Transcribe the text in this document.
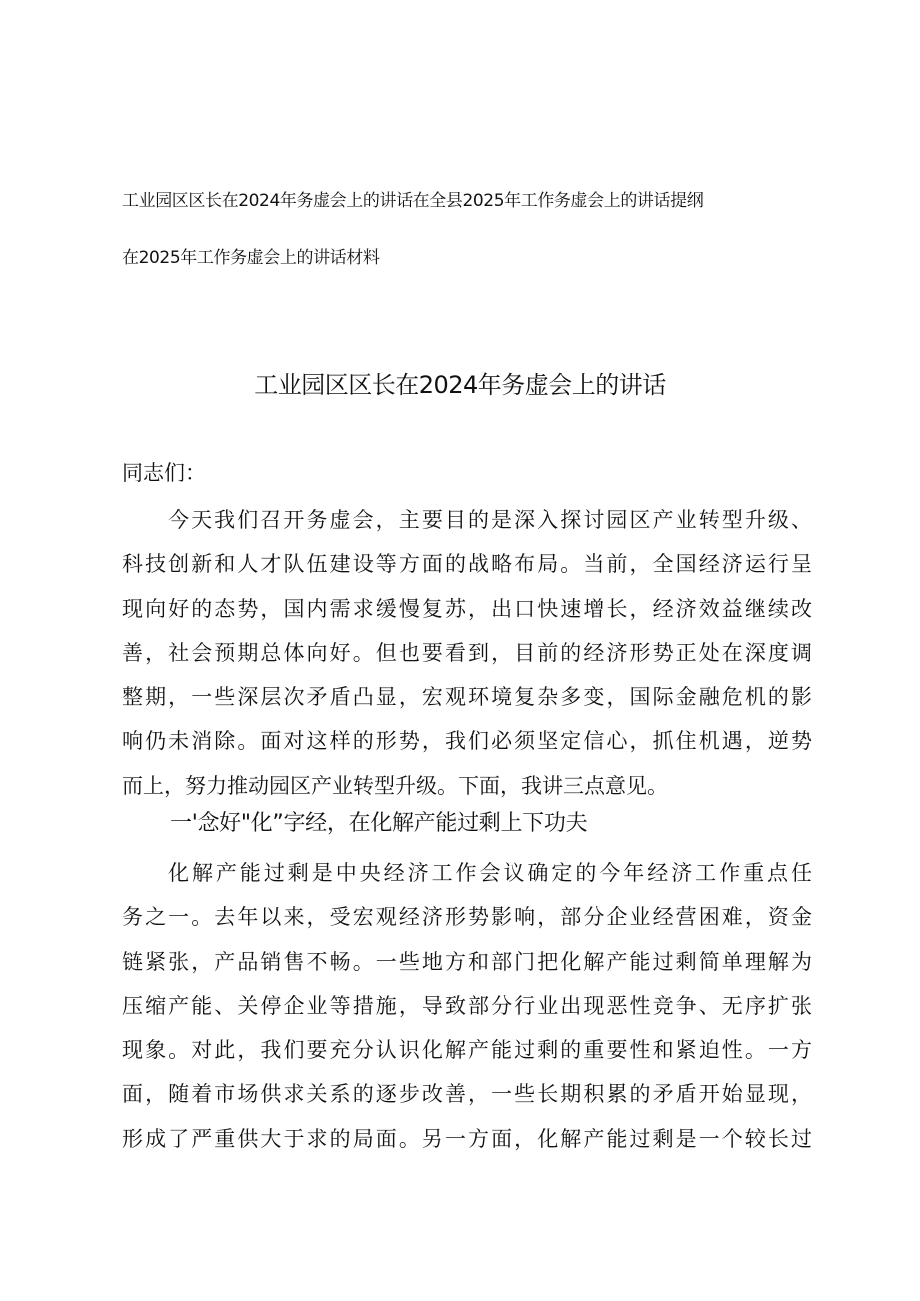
工业园区区长在2024年务虚会上的讲话在全县2025年工作务虚会上的讲话提纲
在2025年工作务虚会上的讲话材料
工业园区区长在2024年务虚会上的讲话
同志们：
今天我们召开务虚会，主要目的是深入探讨园区产业转型升级、
科技创新和人才队伍建设等方面的战略布局。当前，全国经济运行呈
现向好的态势，国内需求缓慢复苏，出口快速增长，经济效益继续改
善，社会预期总体向好。但也要看到，目前的经济形势正处在深度调
整期，一些深层次矛盾凸显，宏观环境复杂多变，国际金融危机的影
响仍未消除。面对这样的形势，我们必须坚定信心，抓住机遇，逆势
而上，努力推动园区产业转型升级。下面，我讲三点意见。
一'念好"化”字经，在化解产能过剩上下功夫
化解产能过剩是中央经济工作会议确定的今年经济工作重点任
务之一。去年以来，受宏观经济形势影响，部分企业经营困难，资金
链紧张，产品销售不畅。一些地方和部门把化解产能过剩简单理解为
压缩产能、关停企业等措施，导致部分行业出现恶性竞争、无序扩张
现象。对此，我们要充分认识化解产能过剩的重要性和紧迫性。一方
面，随着市场供求关系的逐步改善，一些长期积累的矛盾开始显现，
形成了严重供大于求的局面。另一方面，化解产能过剩是一个较长过
